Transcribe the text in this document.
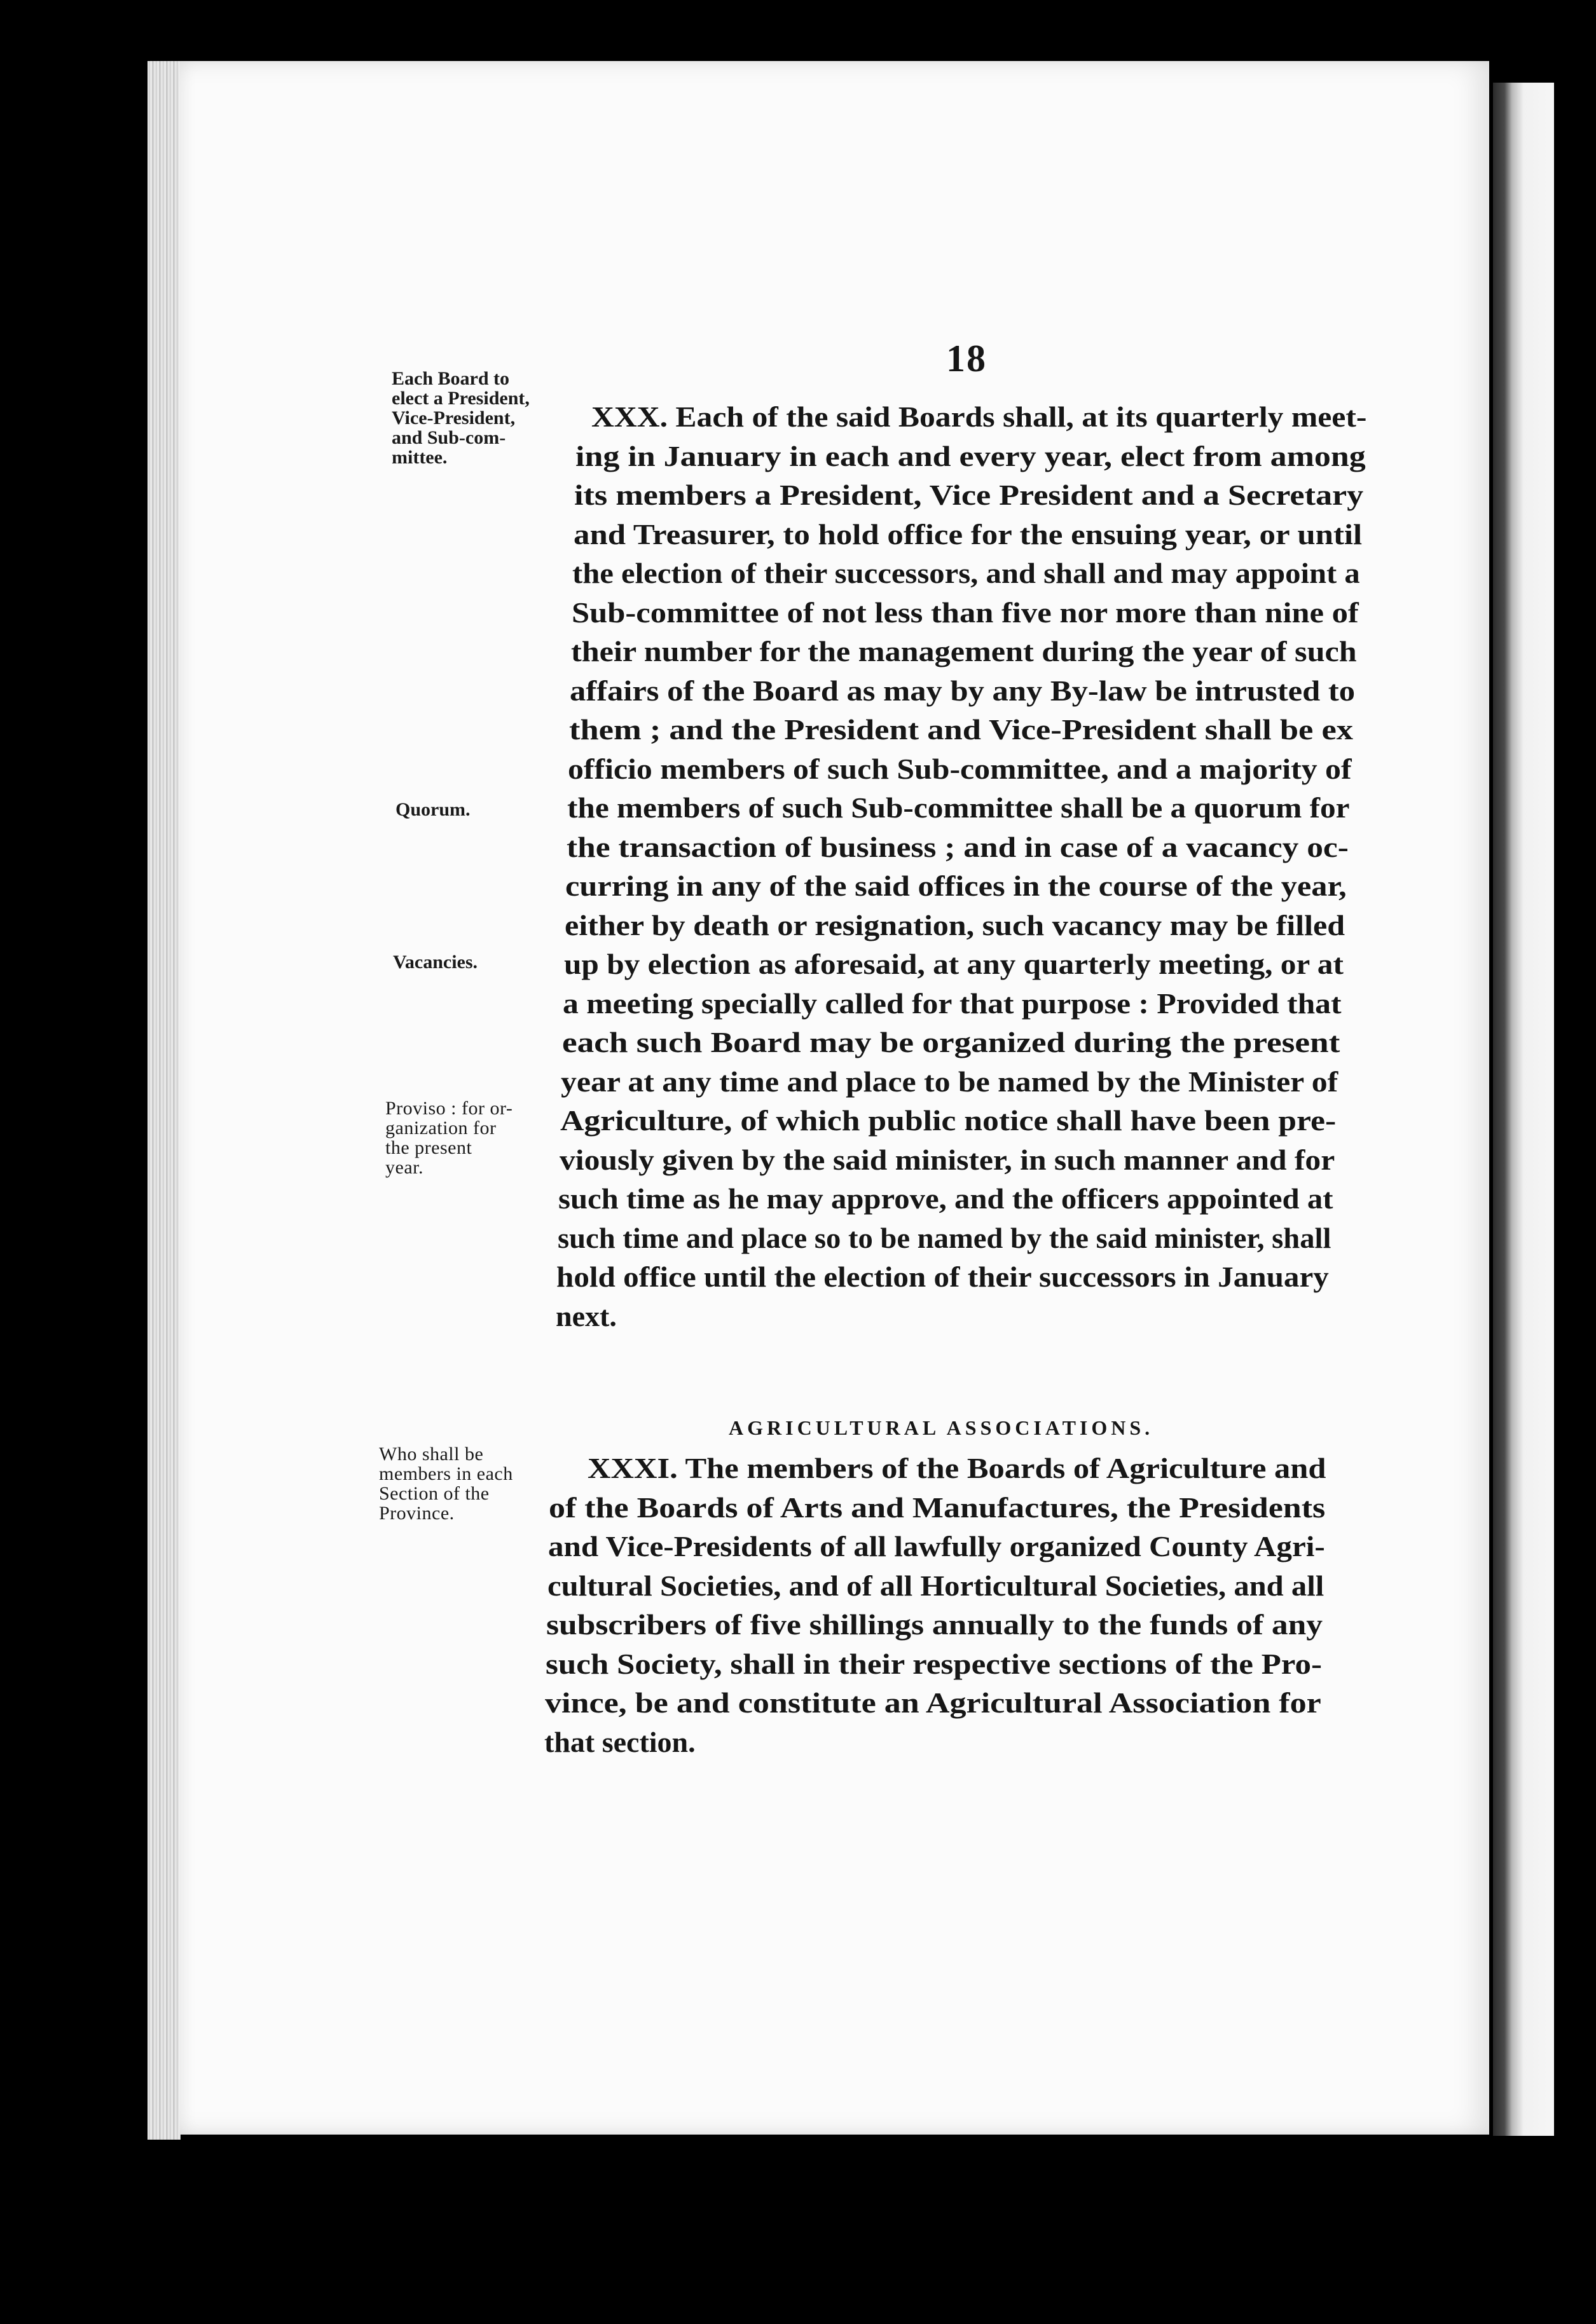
18
Each Board to
elect a President,
Vice-President,
and Sub-com-
mittee.
Quorum.
Vacancies.
Proviso : for or-
ganization for
the present
year.
Who shall be
members in each
Section of the
Province.

XXX. Each of the said Boards shall, at its quarterly meet-

ing in January in each and every year, elect from among

its members a President, Vice President and a Secretary

and Treasurer, to hold office for the ensuing year, or until

the election of their successors, and shall and may appoint a

Sub-committee of not less than five nor more than nine of

their number for the management during the year of such

affairs of the Board as may by any By-law be intrusted to

them ; and the President and Vice-President shall be ex

officio members of such Sub-committee, and a majority of

the members of such Sub-committee shall be a quorum for

the transaction of business ; and in case of a vacancy oc-

curring in any of the said offices in the course of the year,

either by death or resignation, such vacancy may be filled

up by election as aforesaid, at any quarterly meeting, or at

a meeting specially called for that purpose : Provided that

each such Board may be organized during the present

year at any time and place to be named by the Minister of

Agriculture, of which public notice shall have been pre-

viously given by the said minister, in such manner and for

such time as he may approve, and the officers appointed at

such time and place so to be named by the said minister, shall

hold office until the election of their successors in January

next.

AGRICULTURAL ASSOCIATIONS.

XXXI. The members of the Boards of Agriculture and

of the Boards of Arts and Manufactures, the Presidents

and Vice-Presidents of all lawfully organized County Agri-

cultural Societies, and of all Horticultural Societies, and all

subscribers of five shillings annually to the funds of any

such Society, shall in their respective sections of the Pro-

vince, be and constitute an Agricultural Association for

that section.
